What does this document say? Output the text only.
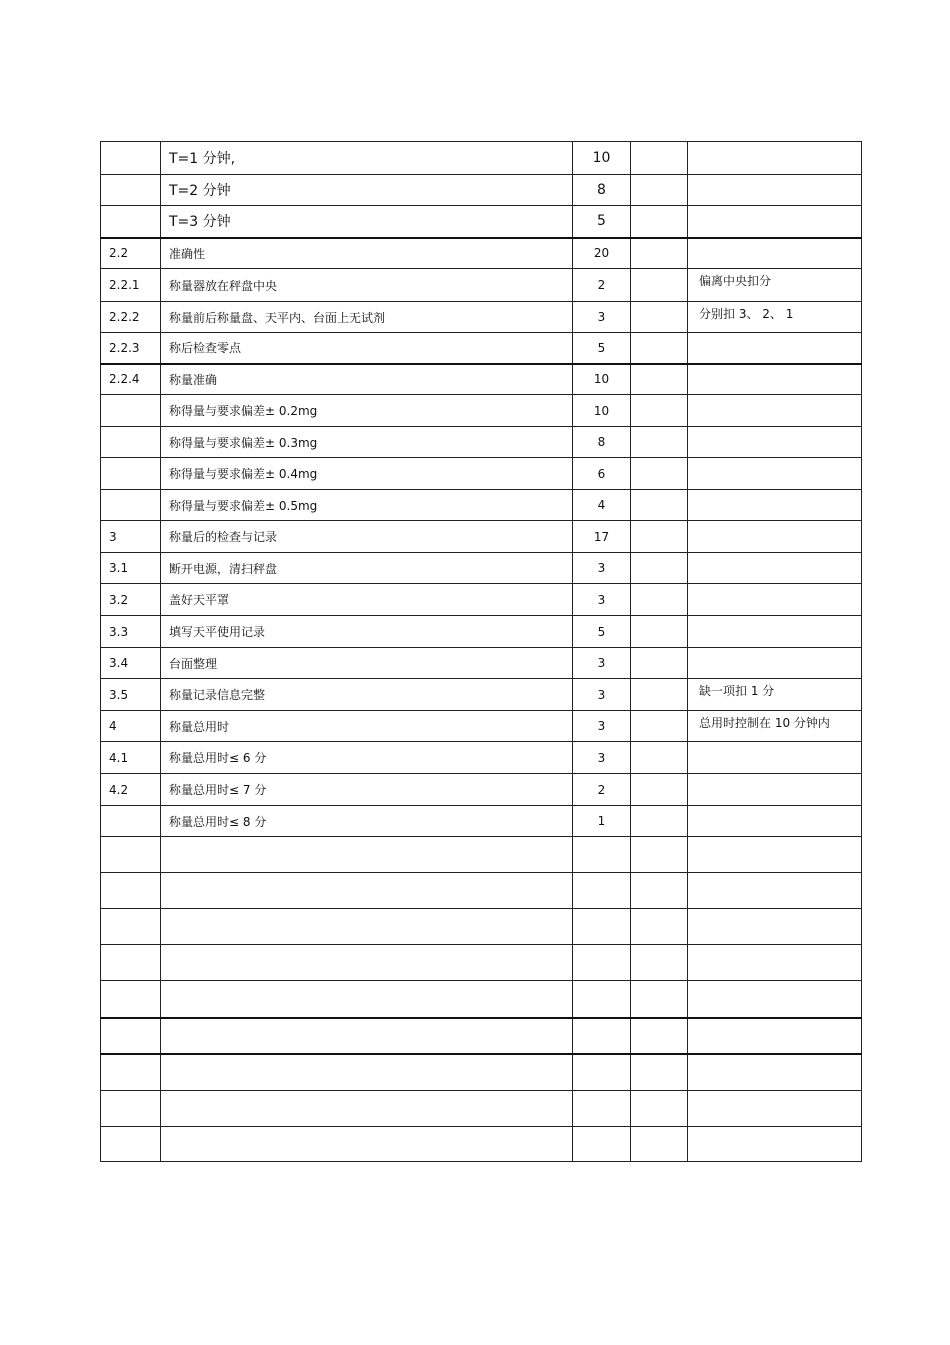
	T=1 分钟,	10		
	T=2 分钟	8		
	T=3 分钟	5		
2.2	准确性	20		
2.2.1	称量器放在秤盘中央	2		偏离中央扣分
2.2.2	称量前后称量盘、天平内、台面上无试剂	3		分别扣 3、 2、 1
2.2.3	称后检查零点	5		
2.2.4	称量准确	10		
	称得量与要求偏差± 0.2mg	10		
	称得量与要求偏差± 0.3mg	8		
	称得量与要求偏差± 0.4mg	6		
	称得量与要求偏差± 0.5mg	4		
3	称量后的检查与记录	17		
3.1	断开电源，清扫秤盘	3		
3.2	盖好天平罩	3		
3.3	填写天平使用记录	5		
3.4	台面整理	3		
3.5	称量记录信息完整	3		缺一项扣 1 分
4	称量总用时	3		总用时控制在 10 分钟内
4.1	称量总用时≤ 6 分	3		
4.2	称量总用时≤ 7 分	2		
	称量总用时≤ 8 分	1		
